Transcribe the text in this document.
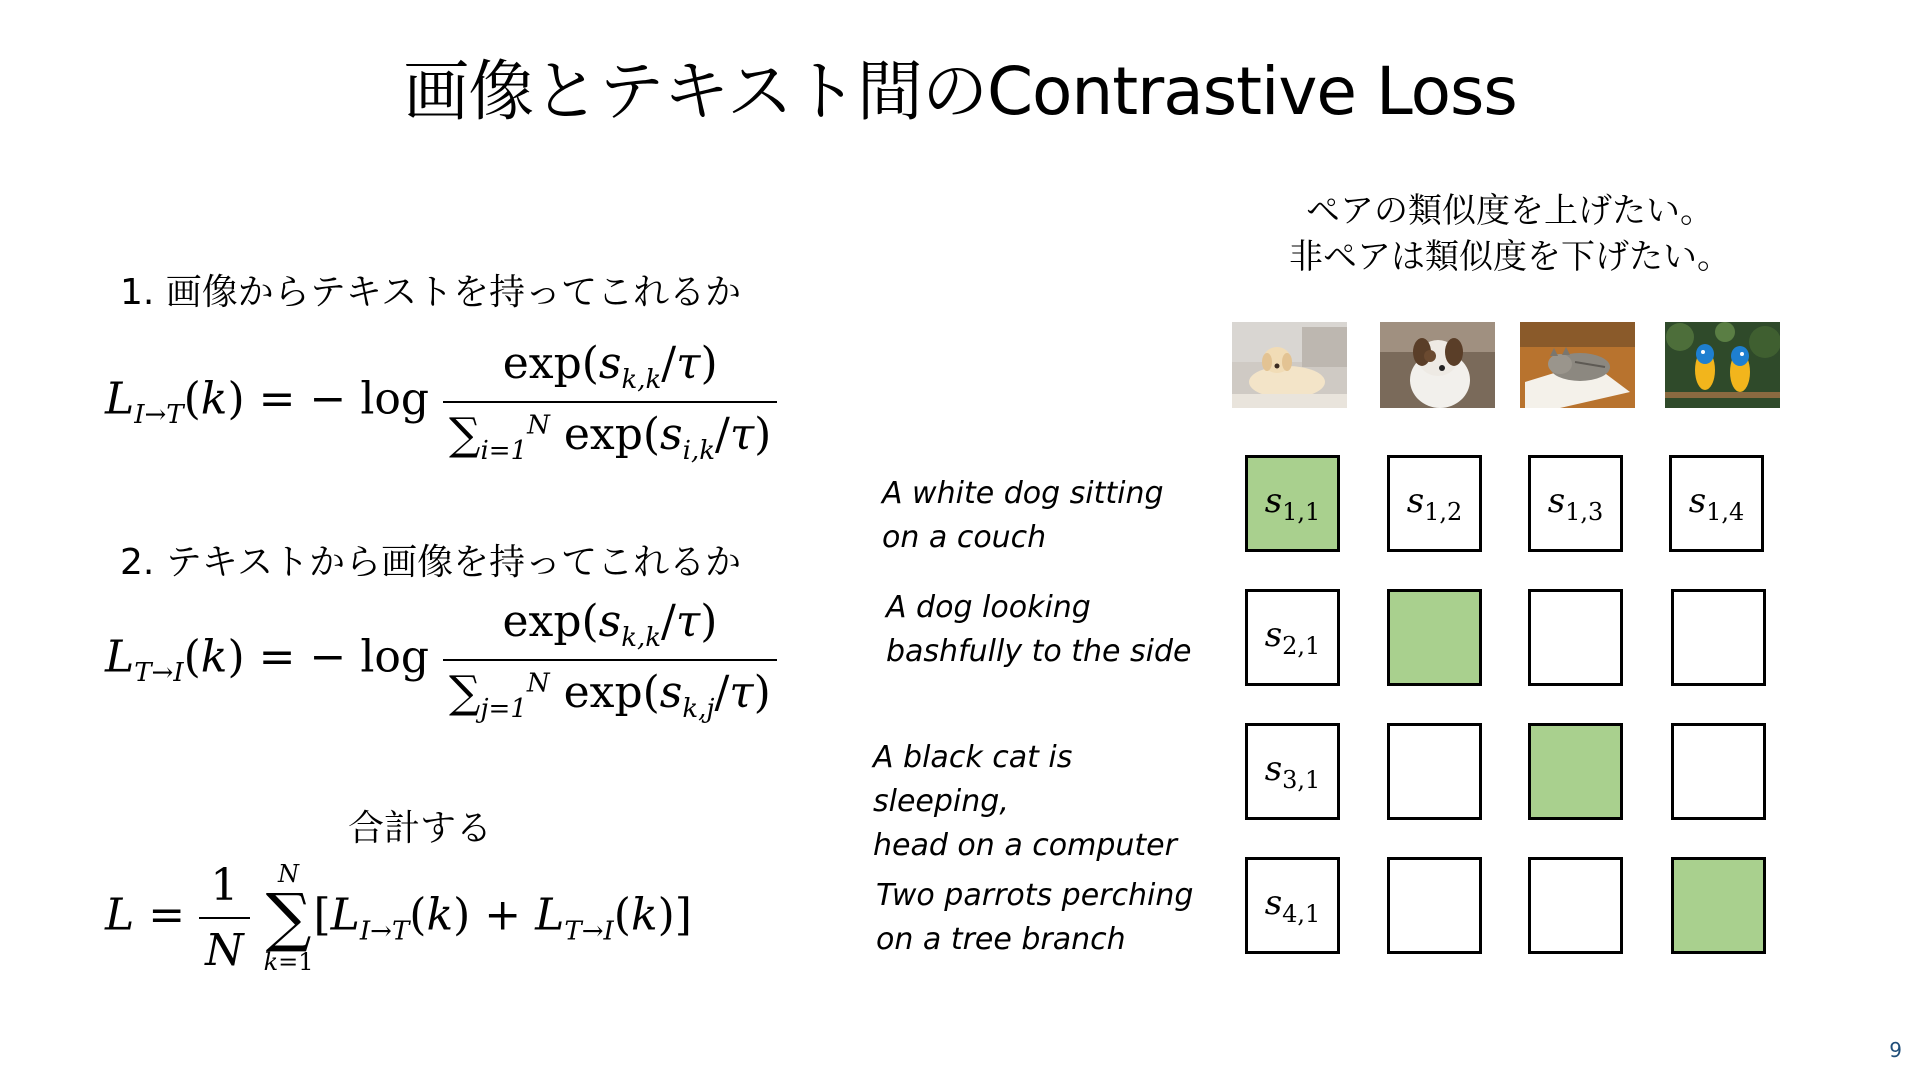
画像とテキスト間のContrastive Loss
1. 画像からテキストを持ってこれるか
$L_{I\to T}(k)$ = − $\log \frac{\exp(s_{k,k}/\tau)}{\sum_{i=1}^N \exp(s_{i,k}/\tau)}$
2. テキストから画像を持ってこれるか
$L_{T\to I}(k)$ = − $\log \frac{\exp(s_{k,k}/\tau)}{\sum_{j=1}^N \exp(s_{k,j}/\tau)}$
合計する
$L = \frac{1}{N}$
	N
∑
k=1
$[L_{I\to T}(k) + L_{T\to I}(k)]$
ペアの類似度を上げたい。
非ペアは類似度を下げたい。
A white dog sitting
on a couch
A dog looking
bashfully to the side
A black cat is sleeping,
head on a computer
Two parrots perching
on a tree branch
$s_{1,1}$	$s_{1,2}$	$s_{1,3}$	$s_{1,4}$
$s_{2,1}$
$s_{3,1}$
$s_{4,1}$
9
